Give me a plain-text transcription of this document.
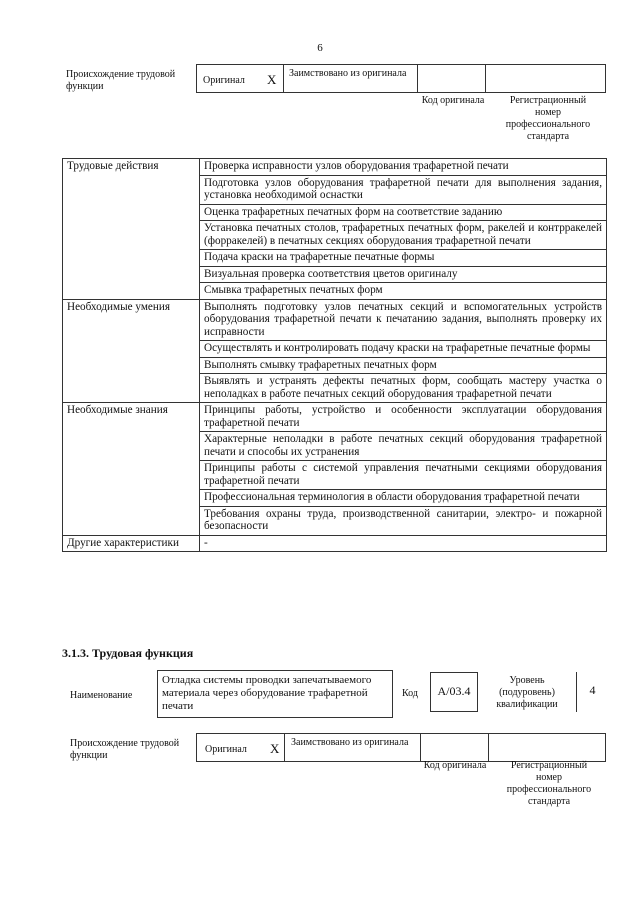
6
Происхождение трудовой функции
Оригинал X Заимствовано из оригинала
Код оригинала	Регистрационный номер профессионального стандарта
Трудовые действия	Проверка исправности узлов оборудования трафаретной печати
	Подготовка узлов оборудования трафаретной печати для выполнения задания, установка необходимой оснастки
	Оценка трафаретных печатных форм на соответствие заданию
	Установка печатных столов, трафаретных печатных форм, ракелей и контрракелей (форракелей) в печатных секциях оборудования трафаретной печати
	Подача краски на трафаретные печатные формы
	Визуальная проверка соответствия цветов оригиналу
	Смывка трафаретных печатных форм
Необходимые умения	Выполнять подготовку узлов печатных секций и вспомогательных устройств оборудования трафаретной печати к печатанию задания, выполнять проверку их исправности
	Осуществлять и контролировать подачу краски на трафаретные печатные формы
	Выполнять смывку трафаретных печатных форм
	Выявлять и устранять дефекты печатных форм, сообщать мастеру участка о неполадках в работе печатных секций оборудования трафаретной печати
Необходимые знания	Принципы работы, устройство и особенности эксплуатации оборудования трафаретной печати
	Характерные неполадки в работе печатных секций оборудования трафаретной печати и способы их устранения
	Принципы работы с системой управления печатными секциями оборудования трафаретной печати
	Профессиональная терминология в области оборудования трафаретной печати
	Требования охраны труда, производственной санитарии, электро- и пожарной безопасности
Другие характеристики	-
3.1.3. Трудовая функция
Наименование
Отладка системы проводки запечатываемого материала через оборудование трафаретной печати
Код	A/03.4
Уровень (подуровень) квалификации
4
Происхождение трудовой функции
Оригинал X Заимствовано из оригинала
Код оригинала	Регистрационный номер профессионального стандарта
